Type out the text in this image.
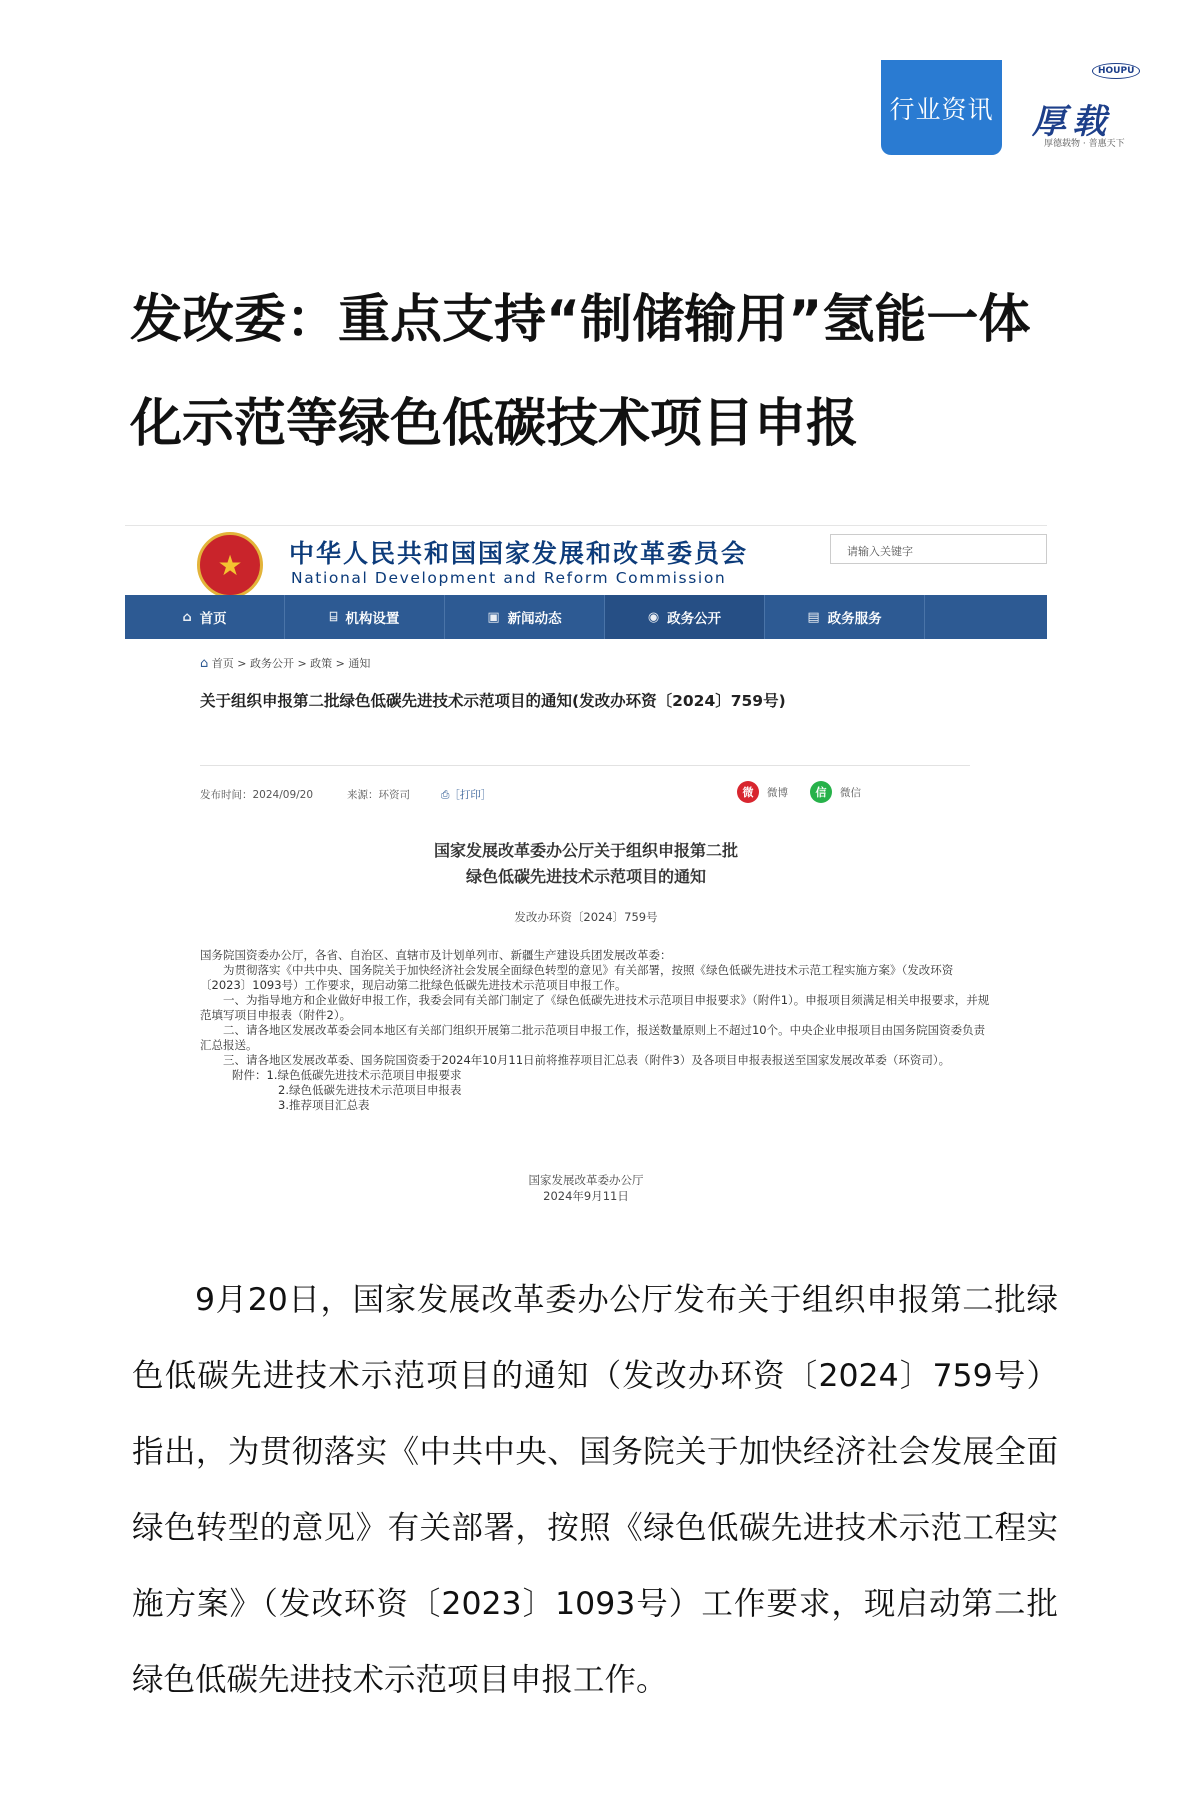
行业资讯
HOUPU
厚载
厚德载物 · 普惠天下
发改委：重点支持“制储输用”氢能一体化示范等绿色低碳技术项目申报
★	中华人民共和国国家发展和改革委员会
National Development and Reform Commission
请输入关键字
⌂ 首页	⌸ 机构设置	▣ 新闻动态	◉ 政务公开	▤ 政务服务
⌂ 首页 > 政务公开 > 政策 > 通知
关于组织申报第二批绿色低碳先进技术示范项目的通知(发改办环资〔2024〕759号)
发布时间：2024/09/20	来源：环资司	⎙［打印］	微	微博	信	微信
国家发展改革委办公厅关于组织申报第二批
绿色低碳先进技术示范项目的通知
发改办环资〔2024〕759号

国务院国资委办公厅，各省、自治区、直辖市及计划单列市、新疆生产建设兵团发展改革委：

为贯彻落实《中共中央、国务院关于加快经济社会发展全面绿色转型的意见》有关部署，按照《绿色低碳先进技术示范工程实施方案》（发改环资〔2023〕1093号）工作要求，现启动第二批绿色低碳先进技术示范项目申报工作。

一、为指导地方和企业做好申报工作，我委会同有关部门制定了《绿色低碳先进技术示范项目申报要求》（附件1）。申报项目须满足相关申报要求，并规范填写项目申报表（附件2）。

二、请各地区发展改革委会同本地区有关部门组织开展第二批示范项目申报工作，报送数量原则上不超过10个。中央企业申报项目由国务院国资委负责汇总报送。

三、请各地区发展改革委、国务院国资委于2024年10月11日前将推荐项目汇总表（附件3）及各项目申报表报送至国家发展改革委（环资司）。

附件：1.绿色低碳先进技术示范项目申报要求

2.绿色低碳先进技术示范项目申报表

3.推荐项目汇总表

国家发展改革委办公厅
2024年9月11日

9月20日，国家发展改革委办公厅发布关于组织申报第二批绿色低碳先进技术示范项目的通知（发改办环资〔2024〕759号）指出，为贯彻落实《中共中央、国务院关于加快经济社会发展全面绿色转型的意见》有关部署，按照《绿色低碳先进技术示范工程实施方案》（发改环资〔2023〕1093号）工作要求，现启动第二批绿色低碳先进技术示范项目申报工作。
